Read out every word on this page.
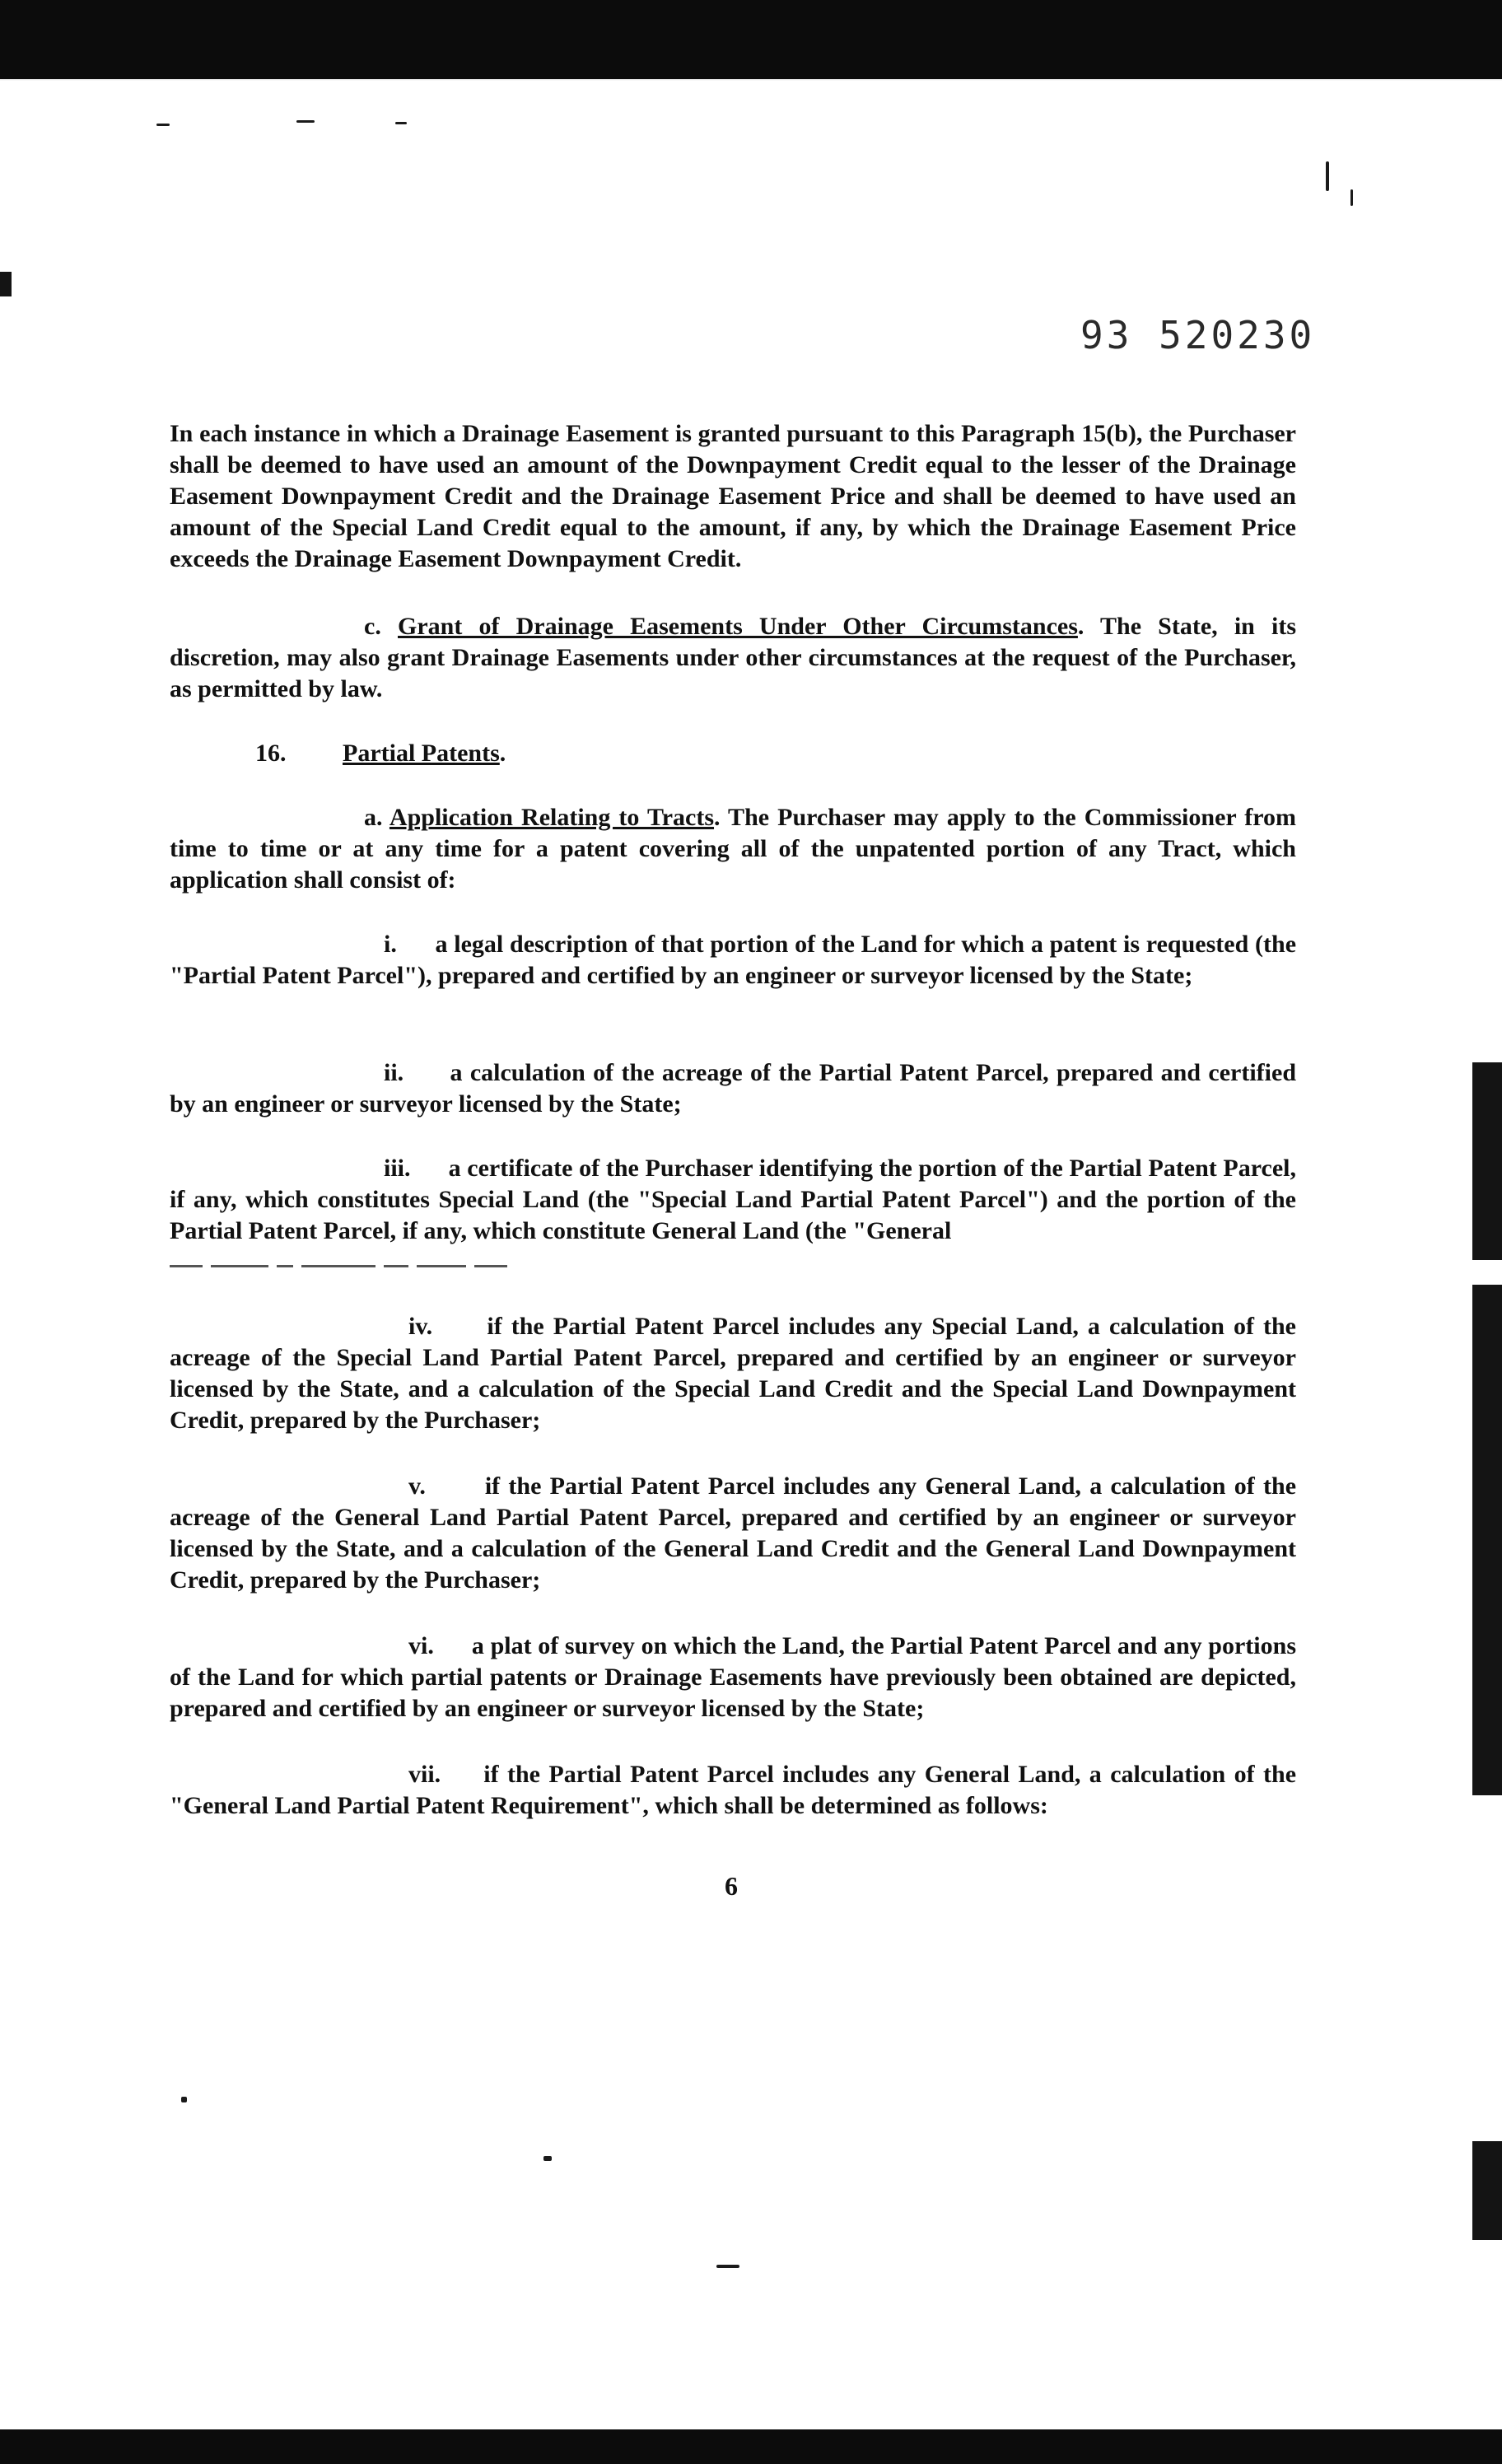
93 520230

In each instance in which a Drainage Easement is granted pursuant to this Paragraph 15(b), the Purchaser shall be deemed to have used an amount of the Downpayment Credit equal to the lesser of the Drainage Easement Downpayment Credit and the Drainage Easement Price and shall be deemed to have used an amount of the Special Land Credit equal to the amount, if any, by which the Drainage Easement Price exceeds the Drainage Easement Downpayment Credit.

c. Grant of Drainage Easements Under Other Circumstances. The State, in its discretion, may also grant Drainage Easements under other circumstances at the request of the Purchaser, as permitted by law.

16. Partial Patents.

a. Application Relating to Tracts. The Purchaser may apply to the Commissioner from time to time or at any time for a patent covering all of the unpatented portion of any Tract, which application shall consist of:

i. a legal description of that portion of the Land for which a patent is requested (the "Partial Patent Parcel"), prepared and certified by an engineer or surveyor licensed by the State;

ii. a calculation of the acreage of the Partial Patent Parcel, prepared and certified by an engineer or surveyor licensed by the State;

iii. a certificate of the Purchaser identifying the portion of the Partial Patent Parcel, if any, which constitutes Special Land (the "Special Land Partial Patent Parcel") and the portion of the Partial Patent Parcel, if any, which constitute General Land (the "General

iv. if the Partial Patent Parcel includes any Special Land, a calculation of the acreage of the Special Land Partial Patent Parcel, prepared and certified by an engineer or surveyor licensed by the State, and a calculation of the Special Land Credit and the Special Land Downpayment Credit, prepared by the Purchaser;

v. if the Partial Patent Parcel includes any General Land, a calculation of the acreage of the General Land Partial Patent Parcel, prepared and certified by an engineer or surveyor licensed by the State, and a calculation of the General Land Credit and the General Land Downpayment Credit, prepared by the Purchaser;

vi. a plat of survey on which the Land, the Partial Patent Parcel and any portions of the Land for which partial patents or Drainage Easements have previously been obtained are depicted, prepared and certified by an engineer or surveyor licensed by the State;

vii. if the Partial Patent Parcel includes any General Land, a calculation of the "General Land Partial Patent Requirement", which shall be determined as follows:

6
